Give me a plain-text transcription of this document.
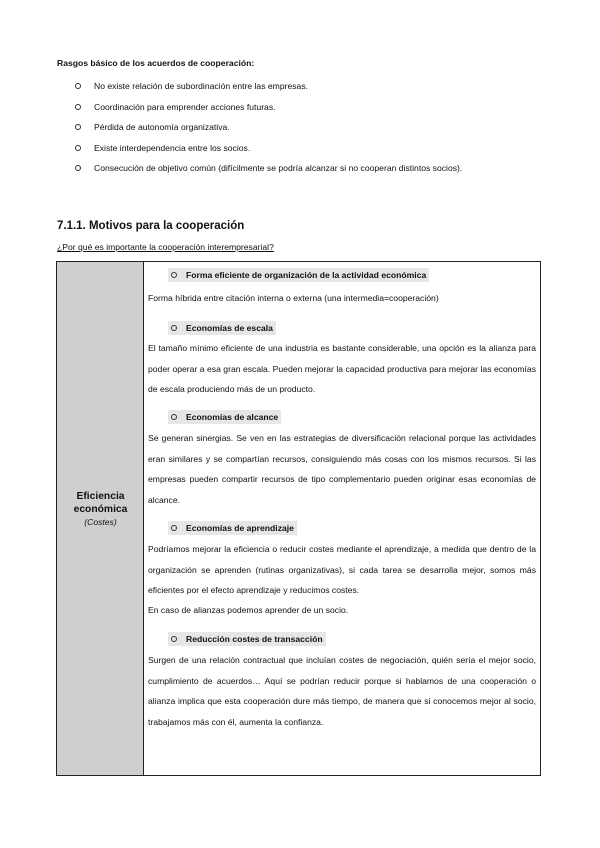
Rasgos básico de los acuerdos de cooperación:
No existe relación de subordinación entre las empresas.
Coordinación para emprender acciones futuras.
Pérdida de autonomía organizativa.
Existe interdependencia entre los socios.
Consecución de objetivo común (difícilmente se podría alcanzar si no cooperan distintos socios).
7.1.1. Motivos para la cooperación
¿Por qué es importante la cooperación interempresarial?
Eficiencia económica
(Costes)
Forma eficiente de organización de la actividad económica
Forma híbrida entre citación interna o externa (una intermedia=cooperación)
Economías de escala
El tamaño mínimo eficiente de una industria es bastante considerable, una opción es la alianza para poder operar a esa gran escala. Pueden mejorar la capacidad productiva para mejorar las economías de escala produciendo más de un producto.
Economías de alcance
Se generan sinergias. Se ven en las estrategias de diversificación relacional porque las actividades eran similares y se compartían recursos, consiguiendo más cosas con los mismos recursos. Si las empresas pueden compartir recursos de tipo complementario pueden originar esas economías de alcance.
Economías de aprendizaje
Podríamos mejorar la eficiencia o reducir costes mediante el aprendizaje, a medida que dentro de la organización se aprenden (rutinas organizativas), si cada tarea se desarrolla mejor, somos más eficientes por el efecto aprendizaje y reducimos costes.
En caso de alianzas podemos aprender de un socio.
Reducción costes de transacción
Surgen de una relación contractual que incluían costes de negociación, quién sería el mejor socio, cumplimiento de acuerdos… Aquí se podrían reducir porque si hablamos de una cooperación o alianza implica que esta cooperación dure más tiempo, de manera que si conocemos mejor al socio, trabajamos más con él, aumenta la confianza.
